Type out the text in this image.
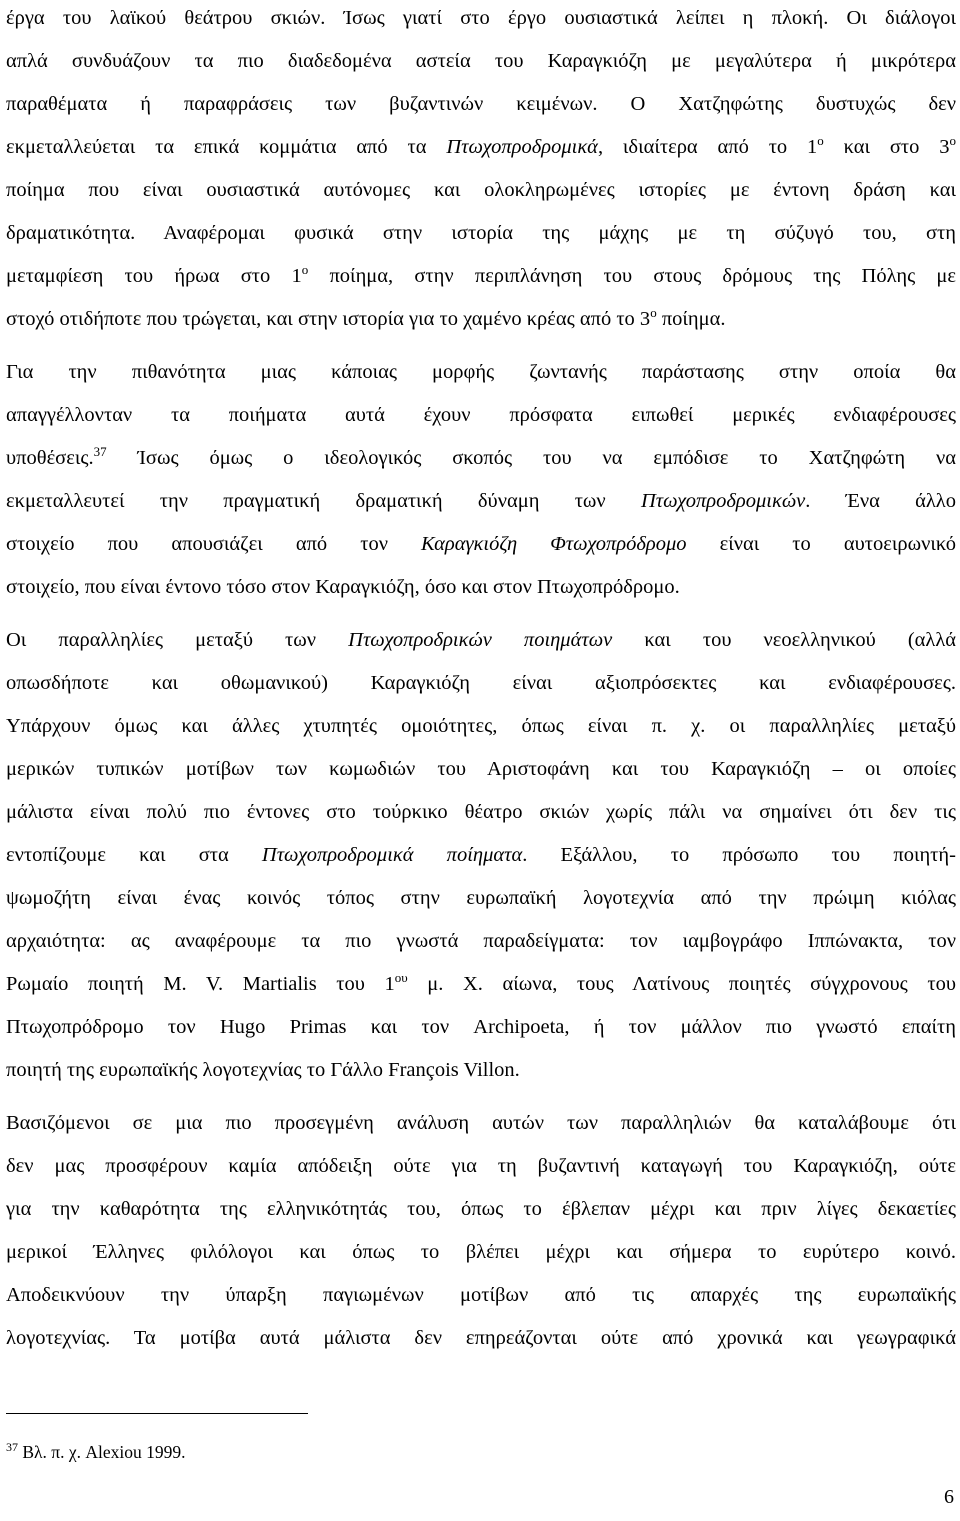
έργα του λαϊκού θεάτρου σκιών. Ίσως γιατί στο έργο ουσιαστικά λείπει η πλοκή. Οι διάλογοι
απλά συνδυάζουν τα πιο διαδεδομένα αστεία του Καραγκιόζη με μεγαλύτερα ή μικρότερα
παραθέματα ή παραφράσεις των βυζαντινών κειμένων. Ο Χατζηφώτης δυστυχώς δεν
εκμεταλλεύεται τα επικά κομμάτια από τα Πτωχοπροδρομικά, ιδιαίτερα από το $1^o$ και στο $3^o$
ποίημα που είναι ουσιαστικά αυτόνομες και ολοκληρωμένες ιστορίες με έντονη δράση και
δραματικότητα. Αναφέρομαι φυσικά στην ιστορία της μάχης με τη σύζυγό του, στη
μεταμφίεση του ήρωα στο $1^o$ ποίημα, στην περιπλάνηση του στους δρόμους της Πόλης με
στοχό οτιδήποτε που τρώγεται, και στην ιστορία για το χαμένο κρέας από το $3^o$ ποίημα.
Για την πιθανότητα μιας κάποιας μορφής ζωντανής παράστασης στην οποία θα
απαγγέλλονταν τα ποιήματα αυτά έχουν πρόσφατα ειπωθεί μερικές ενδιαφέρουσες
υποθέσεις.$^{37}$ Ίσως όμως ο ιδεολογικός σκοπός του να εμπόδισε το Χατζηφώτη να
εκμεταλλευτεί την πραγματική δραματική δύναμη των Πτωχοπροδρομικών. Ένα άλλο
στοιχείο που απουσιάζει από τον Καραγκιόζη Φτωχοπρόδρομο είναι το αυτοειρωνικό
στοιχείο, που είναι έντονο τόσο στον Καραγκιόζη, όσο και στον Πτωχοπρόδρομο.
Οι παραλληλίες μεταξύ των Πτωχοπροδρικών ποιημάτων και του νεοελληνικού (αλλά
οπωσδήποτε και οθωμανικού) Καραγκιόζη είναι αξιοπρόσεκτες και ενδιαφέρουσες.
Υπάρχουν όμως και άλλες χτυπητές ομοιότητες, όπως είναι π. χ. οι παραλληλίες μεταξύ
μερικών τυπικών μοτίβων των κωμωδιών του Αριστοφάνη και του Καραγκιόζη – οι οποίες
μάλιστα είναι πολύ πιο έντονες στο τούρκικο θέατρο σκιών χωρίς πάλι να σημαίνει ότι δεν τις
εντοπίζουμε και στα Πτωχοπροδρομικά ποίηματα. Εξάλλου, το πρόσωπο του ποιητή-
ψωμοζήτη είναι ένας κοινός τόπος στην ευρωπαϊκή λογοτεχνία από την πρώιμη κιόλας
αρχαιότητα: ας αναφέρουμε τα πιο γνωστά παραδείγματα: τον ιαμβογράφο Ιππώνακτα, τον
Ρωμαίο ποιητή M. V. Martialis του $1^{o\upsilon}$ μ. Χ. αίωνα, τους Λατίνους ποιητές σύγχρονους του
Πτωχοπρόδρομο τον Hugo Primas και τον Archipoeta, ή τον μάλλον πιο γνωστό επαίτη
ποιητή της ευρωπαϊκής λογοτεχνίας το Γάλλο François Villon.
Βασιζόμενοι σε μια πιο προσεγμένη ανάλυση αυτών των παραλληλιών θα καταλάβουμε ότι
δεν μας προσφέρουν καμία απόδειξη ούτε για τη βυζαντινή καταγωγή του Καραγκιόζη, ούτε
για την καθαρότητα της ελληνικότητάς του, όπως το έβλεπαν μέχρι και πριν λίγες δεκαετίες
μερικοί Έλληνες φιλόλογοι και όπως το βλέπει μέχρι και σήμερα το ευρύτερο κοινό.
Αποδεικνύουν την ύπαρξη παγιωμένων μοτίβων από τις απαρχές της ευρωπαϊκής
λογοτεχνίας. Τα μοτίβα αυτά μάλιστα δεν επηρεάζονται ούτε από χρονικά και γεωγραφικά
$^{37}$ Βλ. π. χ. Alexiou 1999.
6
